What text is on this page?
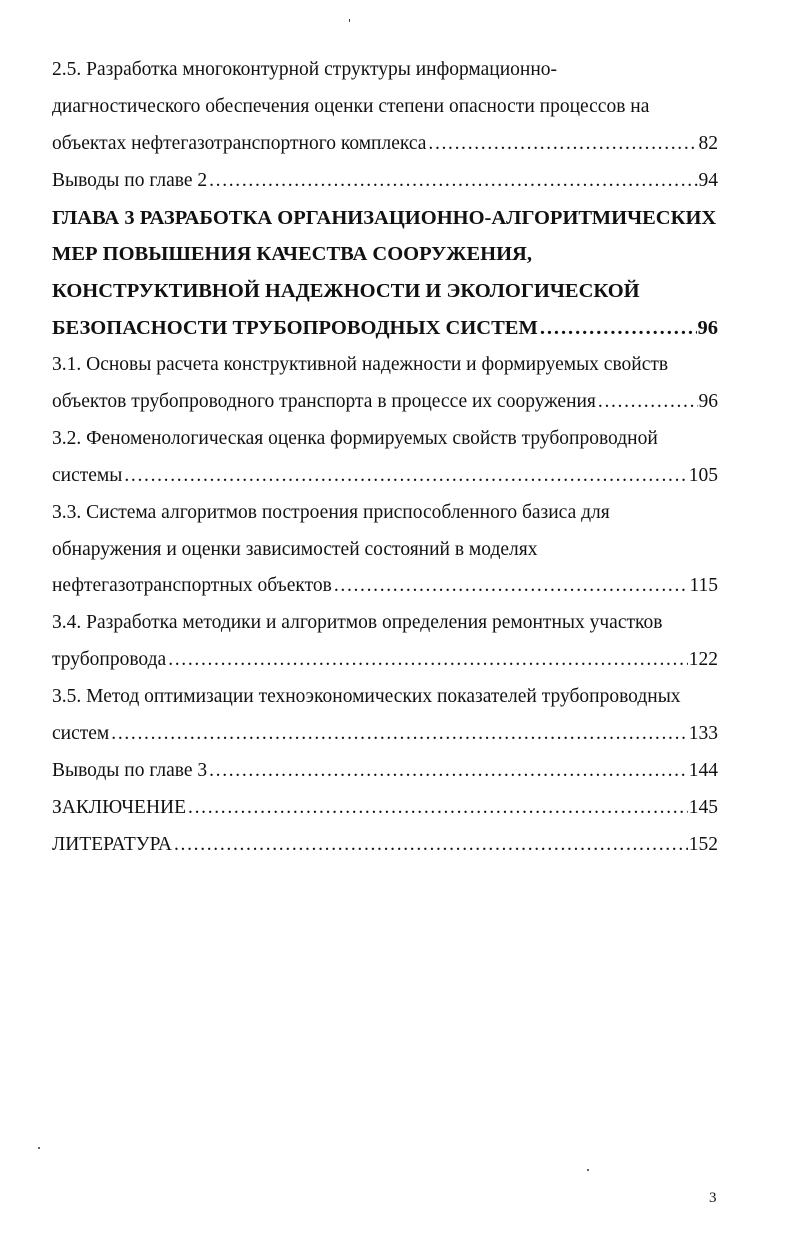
2.5. Разработка многоконтурной структуры информационно-
диагностического обеспечения оценки степени опасности процессов на
объектах нефтегазотранспортного комплекса . . .	82
Выводы по главе 2 . . .	94
ГЛАВА 3 РАЗРАБОТКА ОРГАНИЗАЦИОННО-АЛГОРИТМИЧЕСКИХ
МЕР ПОВЫШЕНИЯ КАЧЕСТВА СООРУЖЕНИЯ,
КОНСТРУКТИВНОЙ НАДЕЖНОСТИ И ЭКОЛОГИЧЕСКОЙ
БЕЗОПАСНОСТИ ТРУБОПРОВОДНЫХ СИСТЕМ . . .	96
3.1. Основы расчета конструктивной надежности и формируемых свойств
объектов трубопроводного транспорта в процессе их сооружения . . .	96
3.2. Феноменологическая оценка формируемых свойств трубопроводной
системы . . .	105
3.3. Система алгоритмов построения приспособленного базиса для
обнаружения и оценки зависимостей состояний в моделях
нефтегазотранспортных объектов . . .	115
3.4. Разработка методики и алгоритмов определения ремонтных участков
трубопровода . . .	122
3.5. Метод оптимизации техноэкономических показателей трубопроводных
систем . . .	133
Выводы по главе 3 . . .	144
ЗАКЛЮЧЕНИЕ . . .	145
ЛИТЕРАТУРА . . .	152
3
